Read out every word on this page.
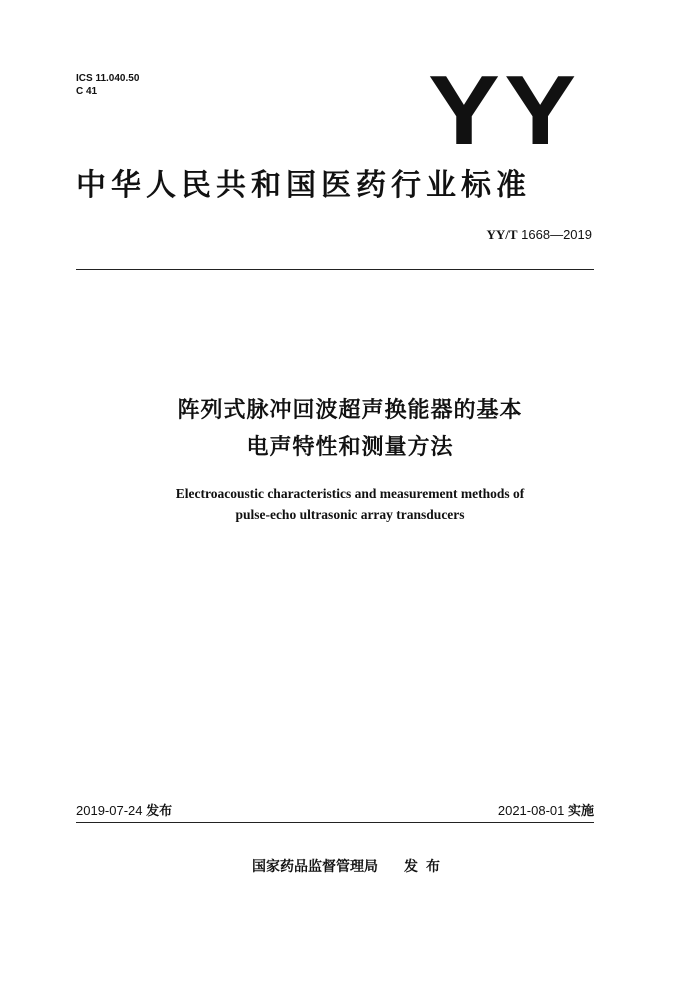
ICS 11.040.50
C 41	YY
中华人民共和国医药行业标准
YY/T 1668—2019
阵列式脉冲回波超声换能器的基本
电声特性和测量方法
Electroacoustic characteristics and measurement methods of
pulse-echo ultrasonic array transducers
2019-07-24 发布	2021-08-01 实施
国家药品监督管理局 发布
